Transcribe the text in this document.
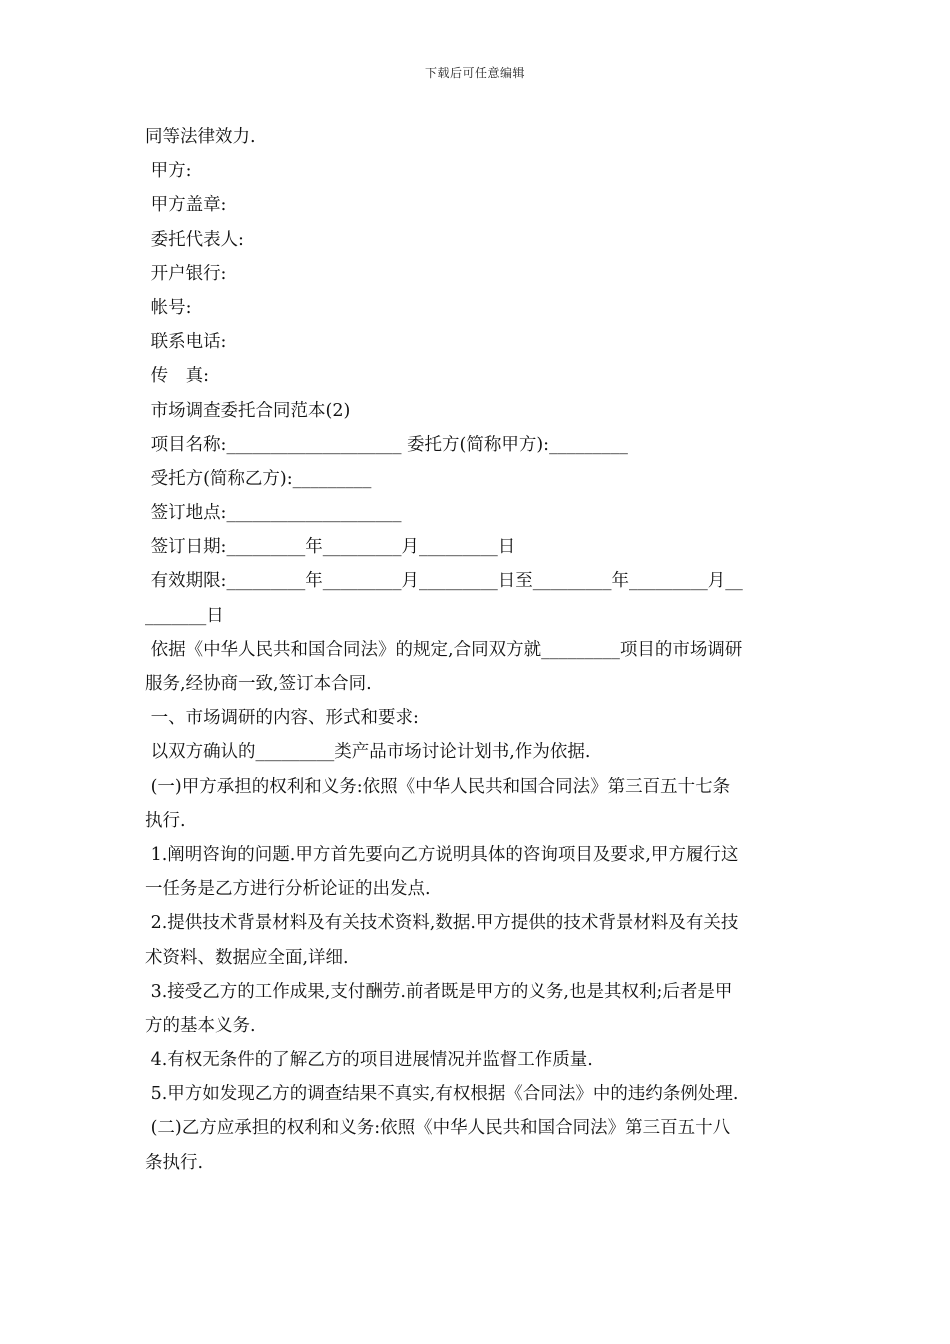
下载后可任意编辑
同等法律效力.
甲方:
甲方盖章:
委托代表人:
开户银行:
帐号:
联系电话:
传　真:
市场调查委托合同范本(2)
项目名称:____________________ 委托方(简称甲方):_________
受托方(简称乙方):_________
签订地点:____________________
签订日期:_________年_________月_________日
有效期限:_________年_________月_________日至_________年_________月__
_______日
依据《中华人民共和国合同法》的规定,合同双方就_________项目的市场调研
服务,经协商一致,签订本合同.
一、市场调研的内容、形式和要求:
以双方确认的_________类产品市场讨论计划书,作为依据.
(一)甲方承担的权利和义务:依照《中华人民共和国合同法》第三百五十七条
执行.
1.阐明咨询的问题.甲方首先要向乙方说明具体的咨询项目及要求,甲方履行这
一任务是乙方进行分析论证的出发点.
2.提供技术背景材料及有关技术资料,数据.甲方提供的技术背景材料及有关技
术资料、数据应全面,详细.
3.接受乙方的工作成果,支付酬劳.前者既是甲方的义务,也是其权利;后者是甲
方的基本义务.
4.有权无条件的了解乙方的项目进展情况并监督工作质量.
5.甲方如发现乙方的调查结果不真实,有权根据《合同法》中的违约条例处理.
(二)乙方应承担的权利和义务:依照《中华人民共和国合同法》第三百五十八
条执行.
